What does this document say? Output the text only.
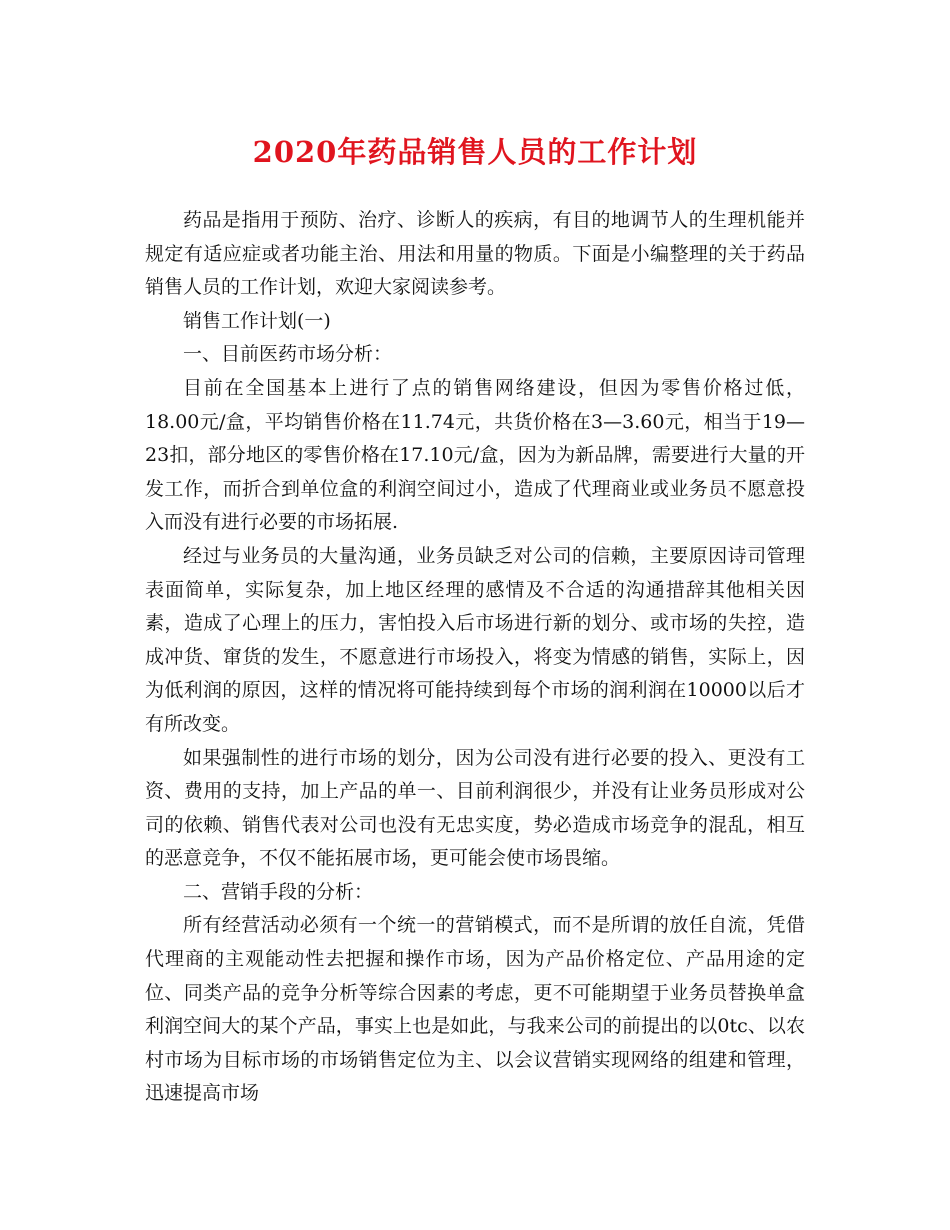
2020年药品销售人员的工作计划

药品是指用于预防、治疗、诊断人的疾病，有目的地调节人的生理机能并规定有适应症或者功能主治、用法和用量的物质。下面是小编整理的关于药品销售人员的工作计划，欢迎大家阅读参考。

销售工作计划(一)

一、目前医药市场分析：

目前在全国基本上进行了点的销售网络建设，但因为零售价格过低，18.00元/盒，平均销售价格在11.74元，共货价格在3—3.60元，相当于19—23扣，部分地区的零售价格在17.10元/盒，因为为新品牌，需要进行大量的开发工作，而折合到单位盒的利润空间过小，造成了代理商业或业务员不愿意投入而没有进行必要的市场拓展.

经过与业务员的大量沟通，业务员缺乏对公司的信赖，主要原因诗司管理表面简单，实际复杂，加上地区经理的感情及不合适的沟通措辞其他相关因素，造成了心理上的压力，害怕投入后市场进行新的划分、或市场的失控，造成冲货、窜货的发生，不愿意进行市场投入，将变为情感的销售，实际上，因为低利润的原因，这样的情况将可能持续到每个市场的润利润在10000以后才有所改变。

如果强制性的进行市场的划分，因为公司没有进行必要的投入、更没有工资、费用的支持，加上产品的单一、目前利润很少，并没有让业务员形成对公司的依赖、销售代表对公司也没有无忠实度，势必造成市场竞争的混乱，相互的恶意竞争，不仅不能拓展市场，更可能会使市场畏缩。

二、营销手段的分析：

所有经营活动必须有一个统一的营销模式，而不是所谓的放任自流，凭借代理商的主观能动性去把握和操作市场，因为产品价格定位、产品用途的定位、同类产品的竞争分析等综合因素的考虑，更不可能期望于业务员替换单盒利润空间大的某个产品，事实上也是如此，与我来公司的前提出的以0tc、以农村市场为目标市场的市场销售定位为主、以会议营销实现网络的组建和管理，迅速提高市场
